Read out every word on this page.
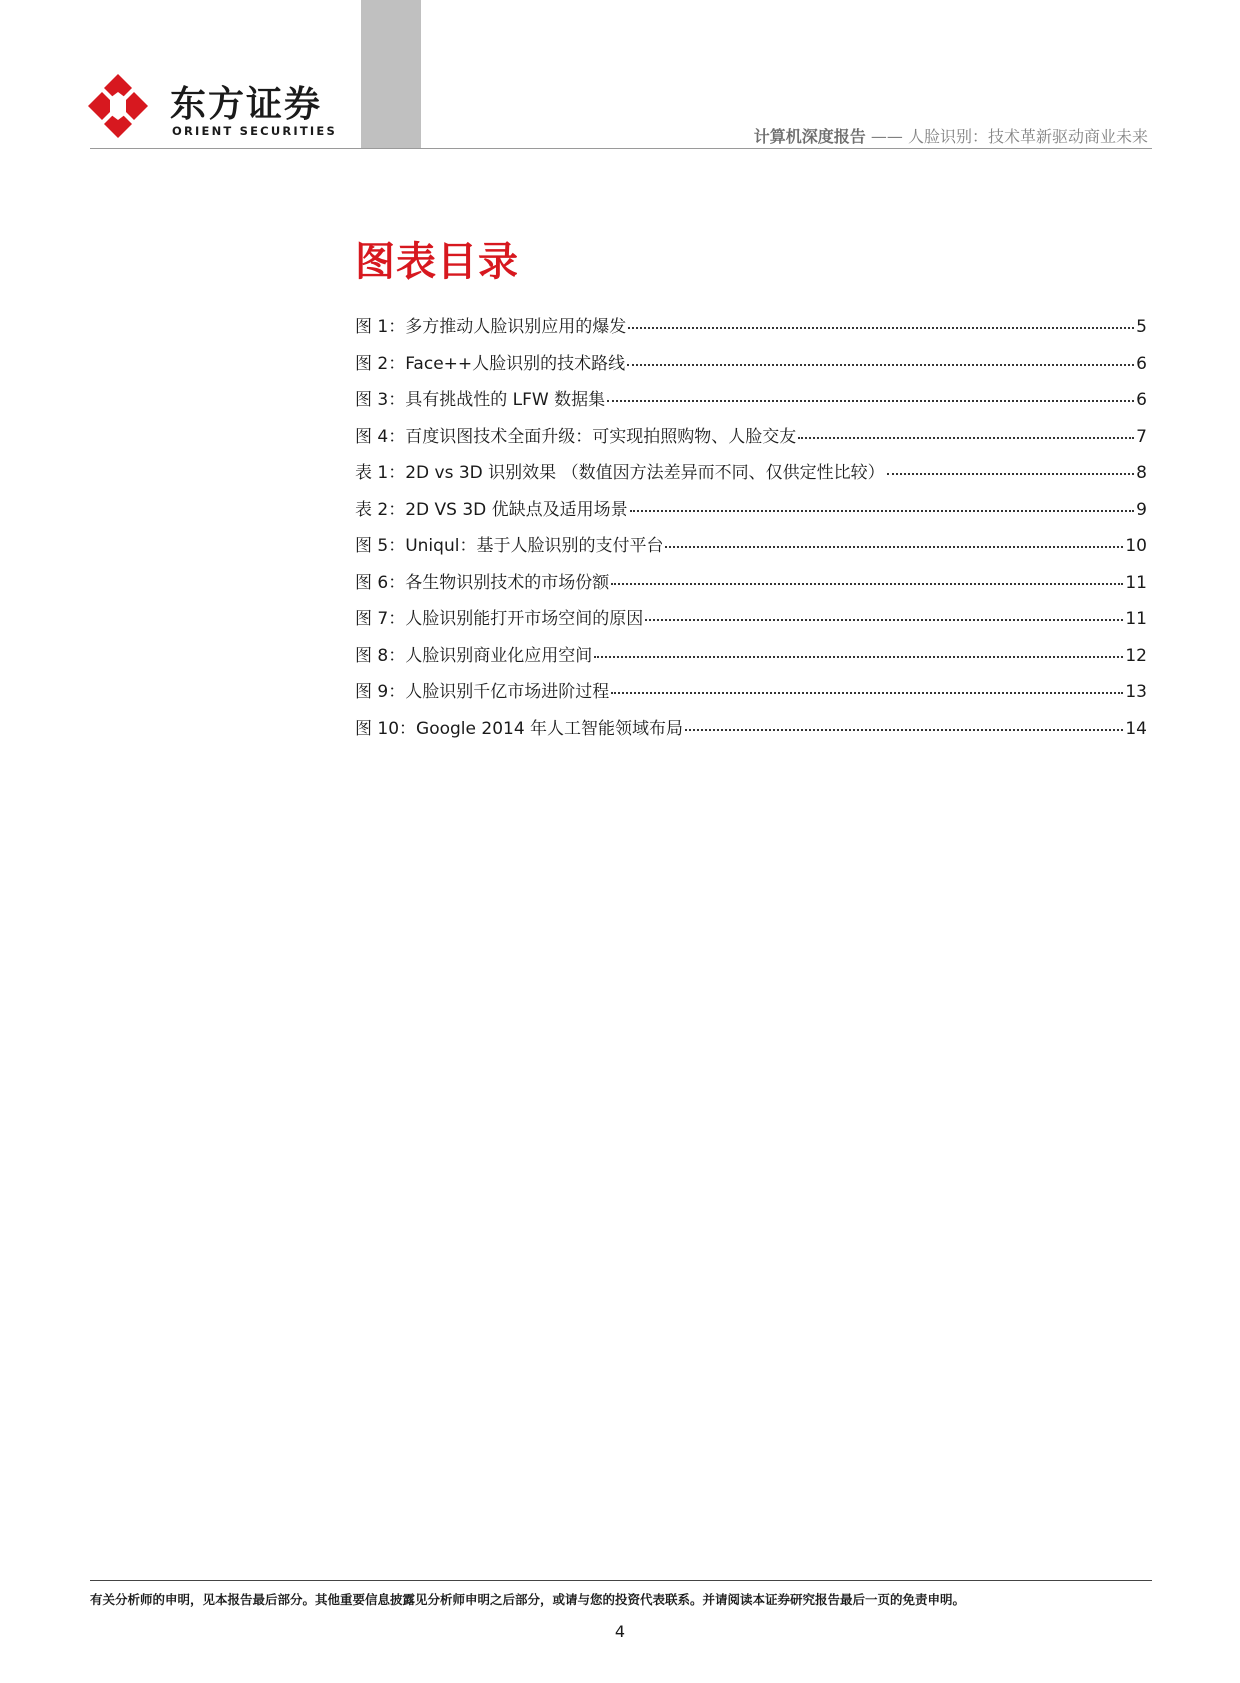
东方证券
ORIENT SECURITIES	计算机深度报告 —— 人脸识别：技术革新驱动商业未来
图表目录
图 1：多方推动人脸识别应用的爆发	5
图 2：Face++人脸识别的技术路线	6
图 3：具有挑战性的 LFW 数据集	6
图 4：百度识图技术全面升级：可实现拍照购物、人脸交友	7
表 1：2D vs 3D 识别效果 （数值因方法差异而不同、仅供定性比较）	8
表 2：2D VS 3D 优缺点及适用场景	9
图 5：Uniqul：基于人脸识别的支付平台	10
图 6：各生物识别技术的市场份额	11
图 7：人脸识别能打开市场空间的原因	11
图 8：人脸识别商业化应用空间	12
图 9：人脸识别千亿市场进阶过程	13
图 10：Google 2014 年人工智能领域布局	14
有关分析师的申明，见本报告最后部分。其他重要信息披露见分析师申明之后部分，或请与您的投资代表联系。并请阅读本证券研究报告最后一页的免责申明。
4
